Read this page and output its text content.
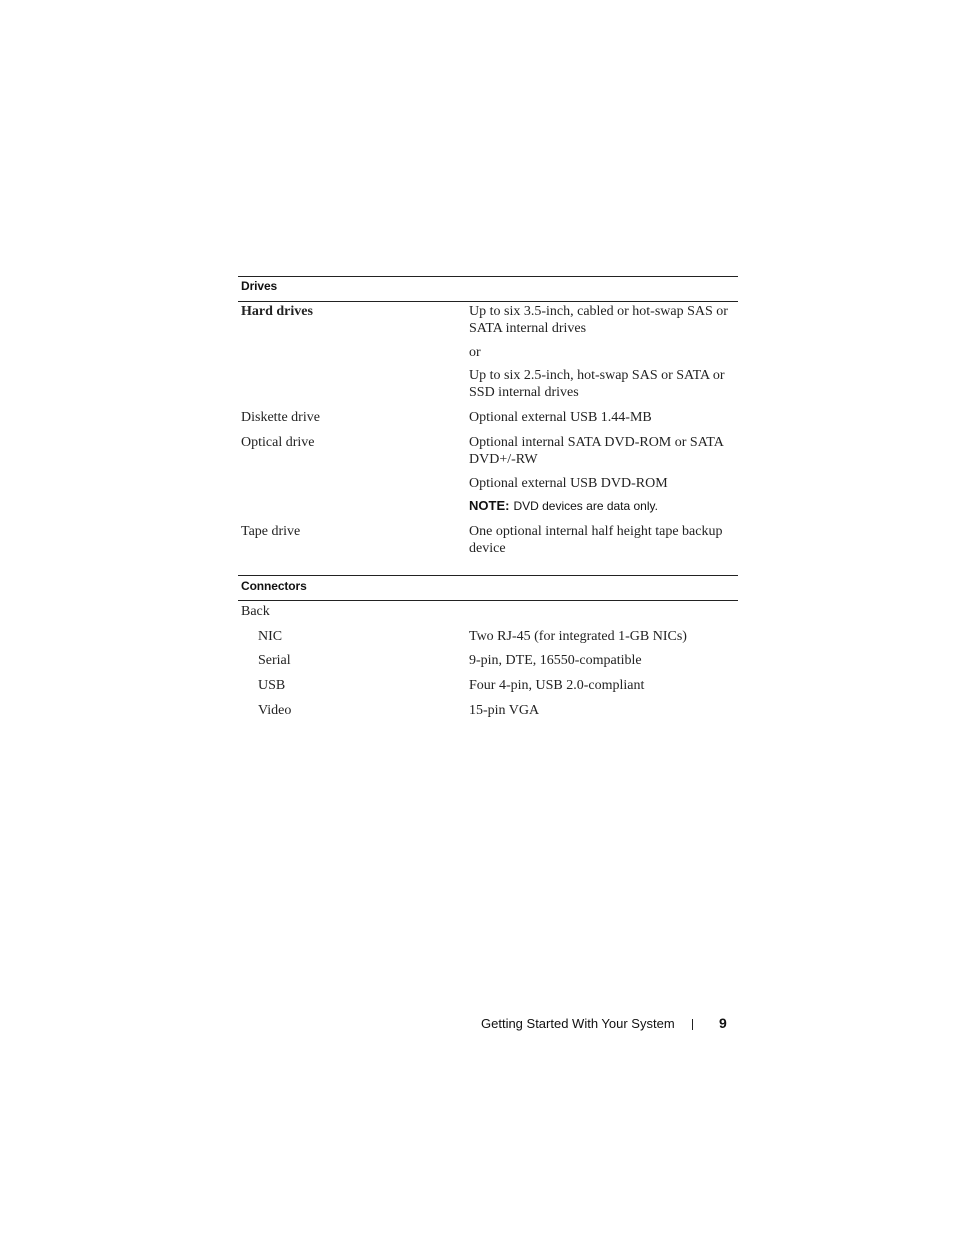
Drives
Hard drives	Up to six 3.5-inch, cabled or hot-swap SAS or SATA internal drives
or
Up to six 2.5-inch, hot-swap SAS or SATA or SSD internal drives
Diskette drive	Optional external USB 1.44-MB
Optical drive	Optional internal SATA DVD-ROM or SATA DVD+/-RW
Optional external USB DVD-ROM
NOTE: DVD devices are data only.
Tape drive	One optional internal half height tape backup device
Connectors
Back
NIC	Two RJ-45 (for integrated 1-GB NICs)
Serial	9-pin, DTE, 16550-compatible
USB	Four 4-pin, USB 2.0-compliant
Video	15-pin VGA
Getting Started With Your System	9
